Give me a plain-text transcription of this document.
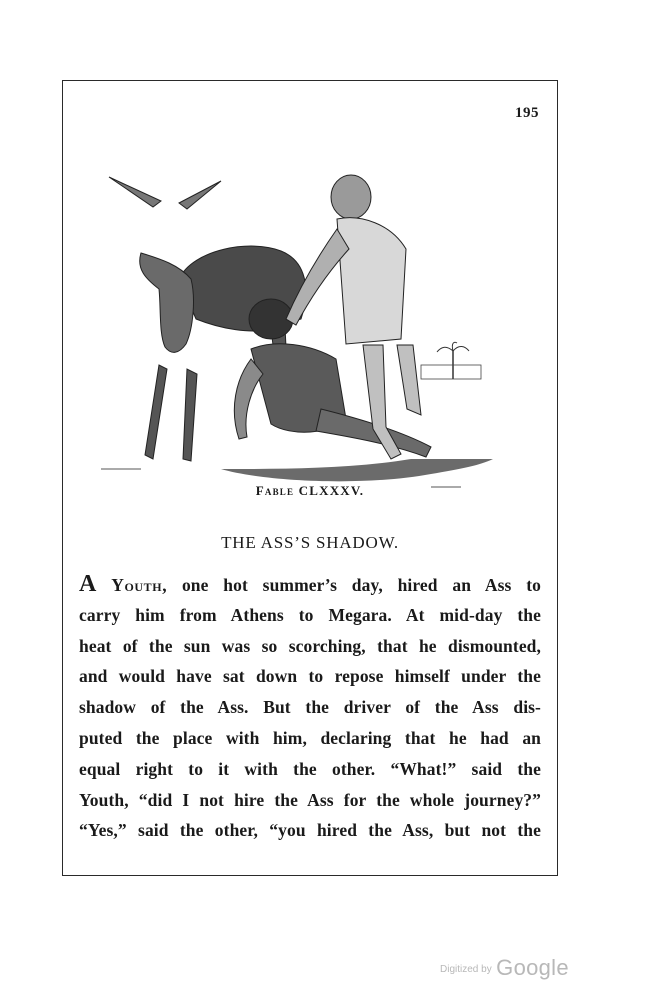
195
Fable CLXXXV.
THE ASS’S SHADOW.
A Youth, one hot summer’s day, hired an Ass to
carry him from Athens to Megara. At mid-day the
heat of the sun was so scorching, that he dismounted,
and would have sat down to repose himself under the
shadow of the Ass. But the driver of the Ass dis-
puted the place with him, declaring that he had an
equal right to it with the other. “What!” said the
Youth, “did I not hire the Ass for the whole journey?”
“Yes,” said the other, “you hired the Ass, but not the
Digitized by Google
